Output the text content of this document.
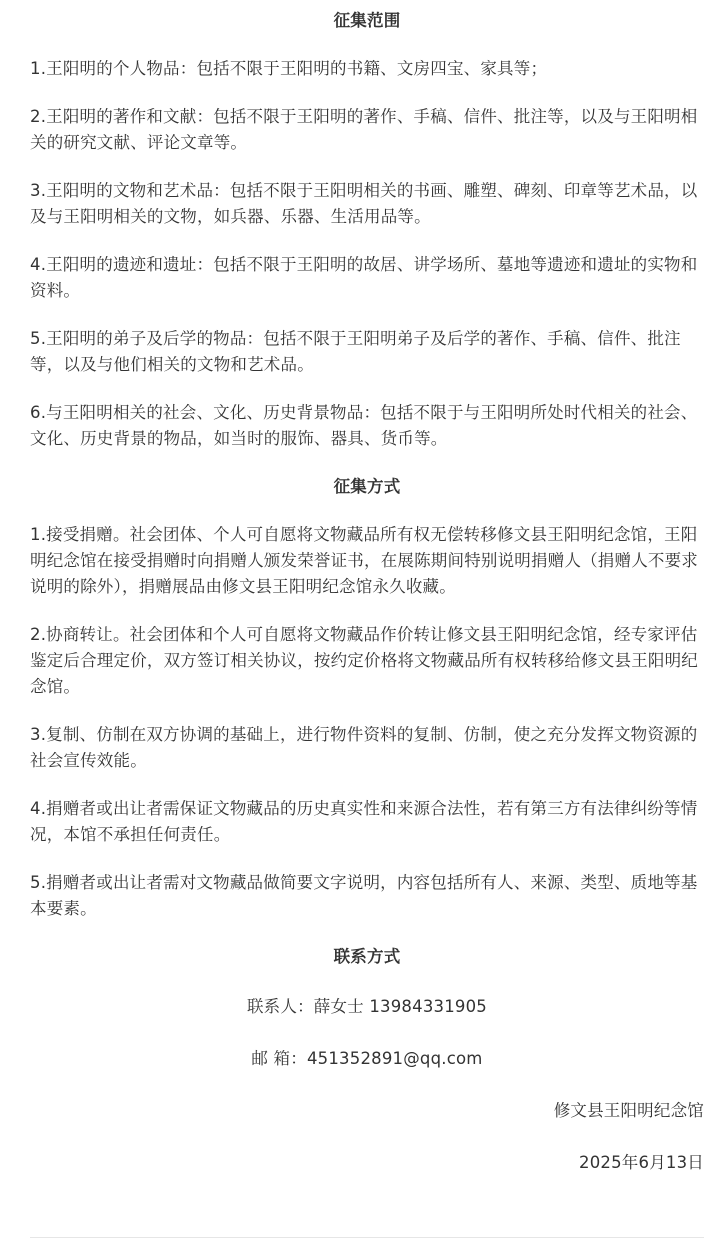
征集范围

1.王阳明的个人物品：包括不限于王阳明的书籍、文房四宝、家具等；

2.王阳明的著作和文献：包括不限于王阳明的著作、手稿、信件、批注等，以及与王阳明相关的研究文献、评论文章等。

3.王阳明的文物和艺术品：包括不限于王阳明相关的书画、雕塑、碑刻、印章等艺术品，以及与王阳明相关的文物，如兵器、乐器、生活用品等。

4.王阳明的遗迹和遗址：包括不限于王阳明的故居、讲学场所、墓地等遗迹和遗址的实物和资料。

5.王阳明的弟子及后学的物品：包括不限于王阳明弟子及后学的著作、手稿、信件、批注等，以及与他们相关的文物和艺术品。

6.与王阳明相关的社会、文化、历史背景物品：包括不限于与王阳明所处时代相关的社会、文化、历史背景的物品，如当时的服饰、器具、货币等。

征集方式

1.接受捐赠。社会团体、个人可自愿将文物藏品所有权无偿转移修文县王阳明纪念馆，王阳明纪念馆在接受捐赠时向捐赠人颁发荣誉证书，在展陈期间特别说明捐赠人（捐赠人不要求说明的除外），捐赠展品由修文县王阳明纪念馆永久收藏。

2.协商转让。社会团体和个人可自愿将文物藏品作价转让修文县王阳明纪念馆，经专家评估鉴定后合理定价，双方签订相关协议，按约定价格将文物藏品所有权转移给修文县王阳明纪念馆。

3.复制、仿制在双方协调的基础上，进行物件资料的复制、仿制，使之充分发挥文物资源的社会宣传效能。

4.捐赠者或出让者需保证文物藏品的历史真实性和来源合法性，若有第三方有法律纠纷等情况，本馆不承担任何责任。

5.捐赠者或出让者需对文物藏品做简要文字说明，内容包括所有人、来源、类型、质地等基本要素。

联系方式

联系人：薛女士 13984331905

邮 箱：451352891@qq.com

修文县王阳明纪念馆

2025年6月13日
